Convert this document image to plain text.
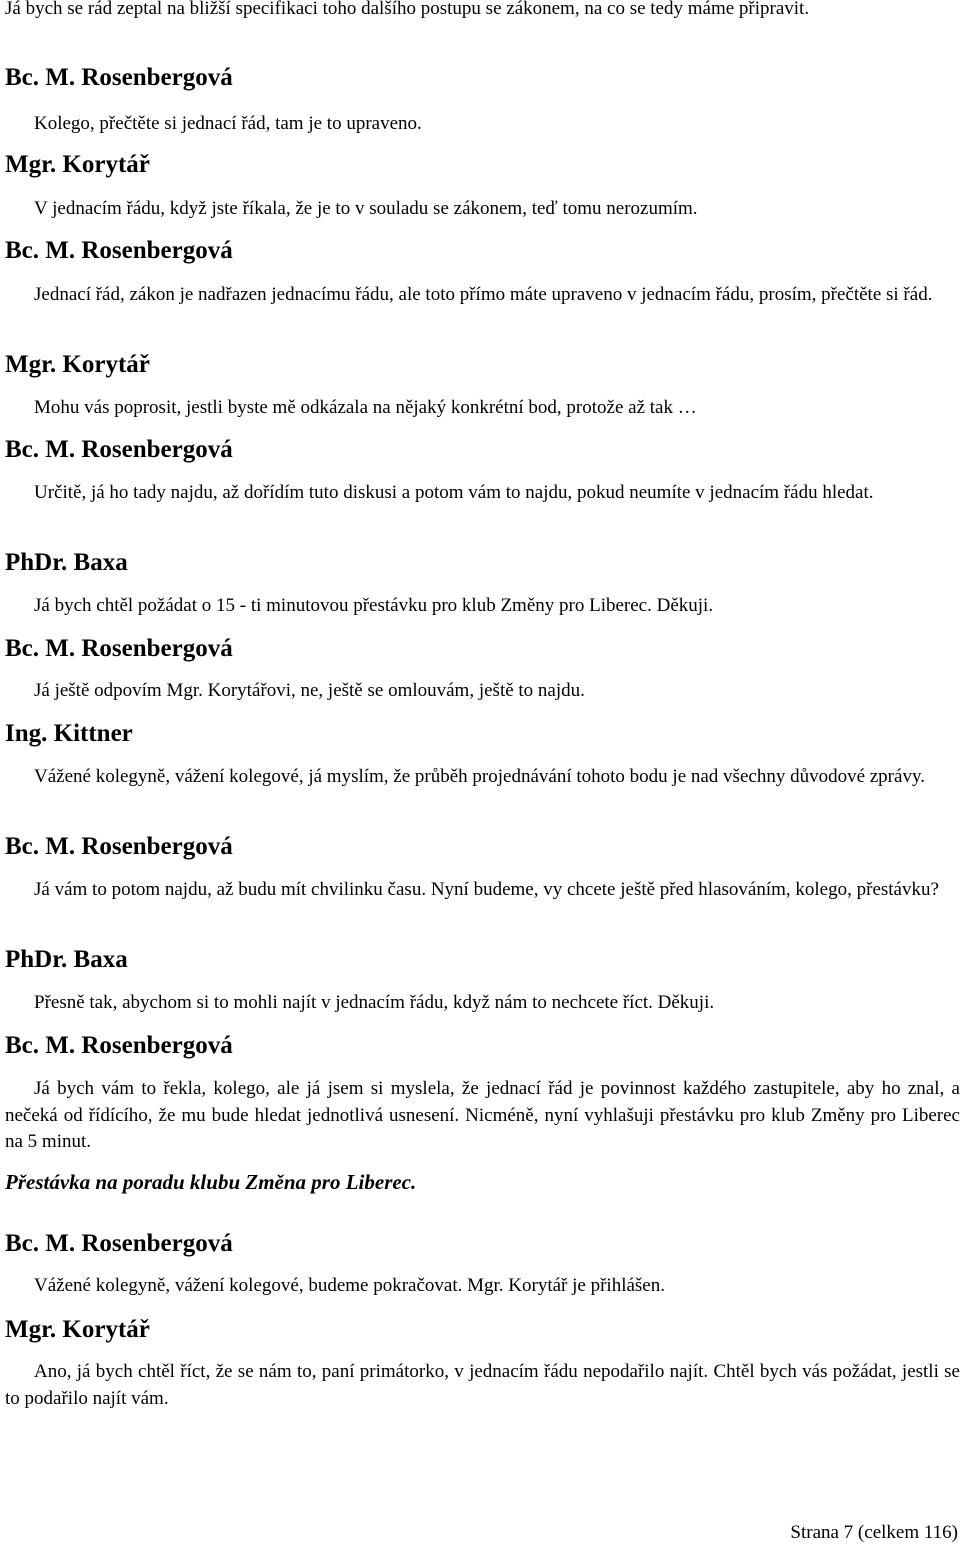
Já bych se rád zeptal na bližší specifikaci toho dalšího postupu se zákonem, na co se tedy máme připravit.

Bc. M. Rosenbergová

Kolego, přečtěte si jednací řád, tam je to upraveno.

Mgr. Korytář

V jednacím řádu, když jste říkala, že je to v souladu se zákonem, teď tomu nerozumím.

Bc. M. Rosenbergová

Jednací řád, zákon je nadřazen jednacímu řádu, ale toto přímo máte upraveno v jednacím řádu, prosím, přečtěte si řád.

Mgr. Korytář

Mohu vás poprosit, jestli byste mě odkázala na nějaký konkrétní bod, protože až tak …

Bc. M. Rosenbergová

Určitě, já ho tady najdu, až dořídím tuto diskusi a potom vám to najdu, pokud neumíte v jednacím řádu hledat.

PhDr. Baxa

Já bych chtěl požádat o 15 - ti minutovou přestávku pro klub Změny pro Liberec. Děkuji.

Bc. M. Rosenbergová

Já ještě odpovím Mgr. Korytářovi, ne, ještě se omlouvám, ještě to najdu.

Ing. Kittner

Vážené kolegyně, vážení kolegové, já myslím, že průběh projednávání tohoto bodu je nad všechny důvodové zprávy.

Bc. M. Rosenbergová

Já vám to potom najdu, až budu mít chvilinku času. Nyní budeme, vy chcete ještě před hlasováním, kolego, přestávku?

PhDr. Baxa

Přesně tak, abychom si to mohli najít v jednacím řádu, když nám to nechcete říct. Děkuji.

Bc. M. Rosenbergová

Já bych vám to řekla, kolego, ale já jsem si myslela, že jednací řád je povinnost každého zastupitele, aby ho znal, a nečeká od řídícího, že mu bude hledat jednotlivá usnesení. Nicméně, nyní vyhlašuji přestávku pro klub Změny pro Liberec na 5 minut.

Přestávka na poradu klubu Změna pro Liberec.

Bc. M. Rosenbergová

Vážené kolegyně, vážení kolegové, budeme pokračovat. Mgr. Korytář je přihlášen.

Mgr. Korytář

Ano, já bych chtěl říct, že se nám to, paní primátorko, v jednacím řádu nepodařilo najít. Chtěl bych vás požádat, jestli se to podařilo najít vám.

Strana 7 (celkem 116)
